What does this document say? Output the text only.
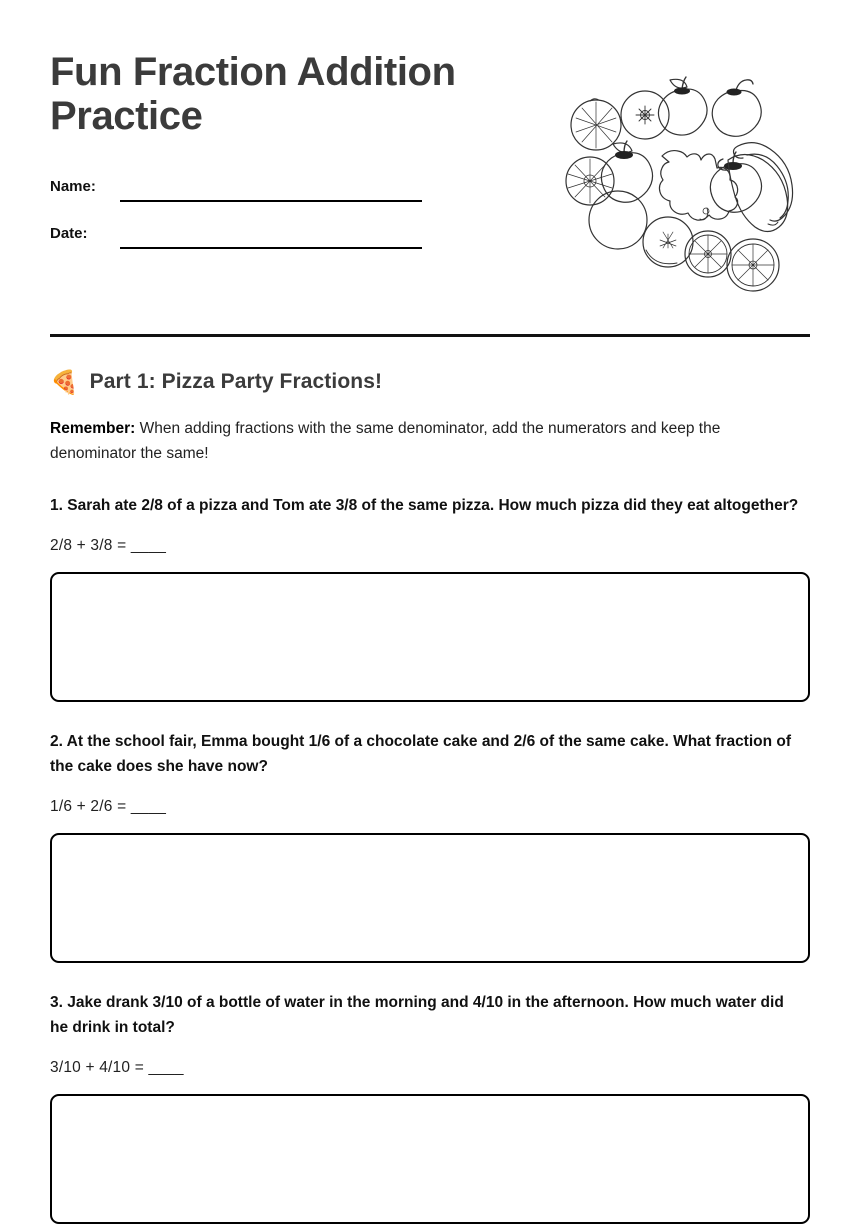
Fun Fraction Addition Practice
Name:
Date:
🍕 Part 1: Pizza Party Fractions!

Remember: When adding fractions with the same denominator, add the numerators and keep the denominator the same!

1. Sarah ate 2/8 of a pizza and Tom ate 3/8 of the same pizza. How much pizza did they eat altogether?
2/8 + 3/8 = ____
2. At the school fair, Emma bought 1/6 of a chocolate cake and 2/6 of the same cake. What fraction of the cake does she have now?
1/6 + 2/6 = ____
3. Jake drank 3/10 of a bottle of water in the morning and 4/10 in the afternoon. How much water did he drink in total?
3/10 + 4/10 = ____
